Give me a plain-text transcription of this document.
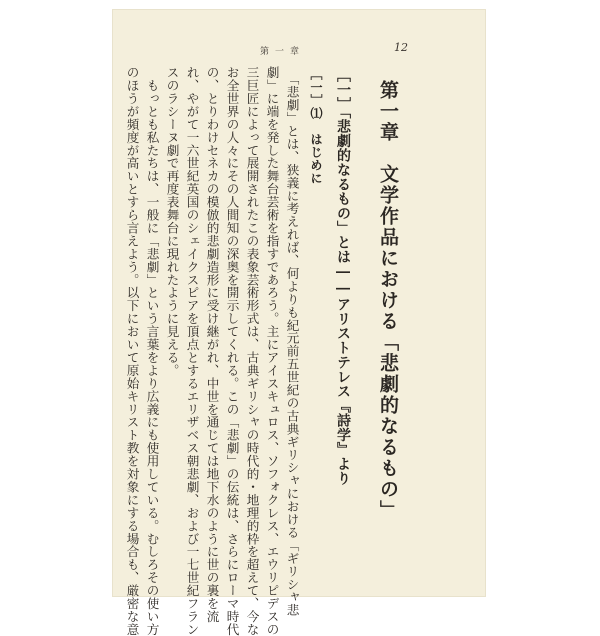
第一章	12
第一章　文学作品における「悲劇的なるもの」
［一］「悲劇的なるもの」とは――アリストテレス『詩学』より
［一］⑴　はじめに
　「悲劇」とは、狭義に考えれば、何よりも紀元前五世紀の古典ギリシャにおける「ギリシャ悲
劇」に端を発した舞台芸術を指すであろう。主にアイスキュロス、ソフォクレス、エウリピデスの
三巨匠によって展開されたこの表象芸術形式は、古典ギリシャの時代的・地理的枠を超えて、今な
お全世界の人々にその人間知の深奥を開示してくれる。この「悲劇」の伝統は、さらにローマ時代
の、とりわけセネカの模倣的悲劇造形に受け継がれ、中世を通じては地下水のように世の裏を流
れ、やがて一六世紀英国のシェイクスピアを頂点とするエリザベス朝悲劇、および一七世紀フラン
スのラシーヌ劇で再度表舞台に現れたように見える。
　もっとも私たちは、一般に「悲劇」という言葉をより広義にも使用している。むしろその使い方
のほうが頻度が高いとすら言えよう。以下において原始キリスト教を対象にする場合も、厳密な意
